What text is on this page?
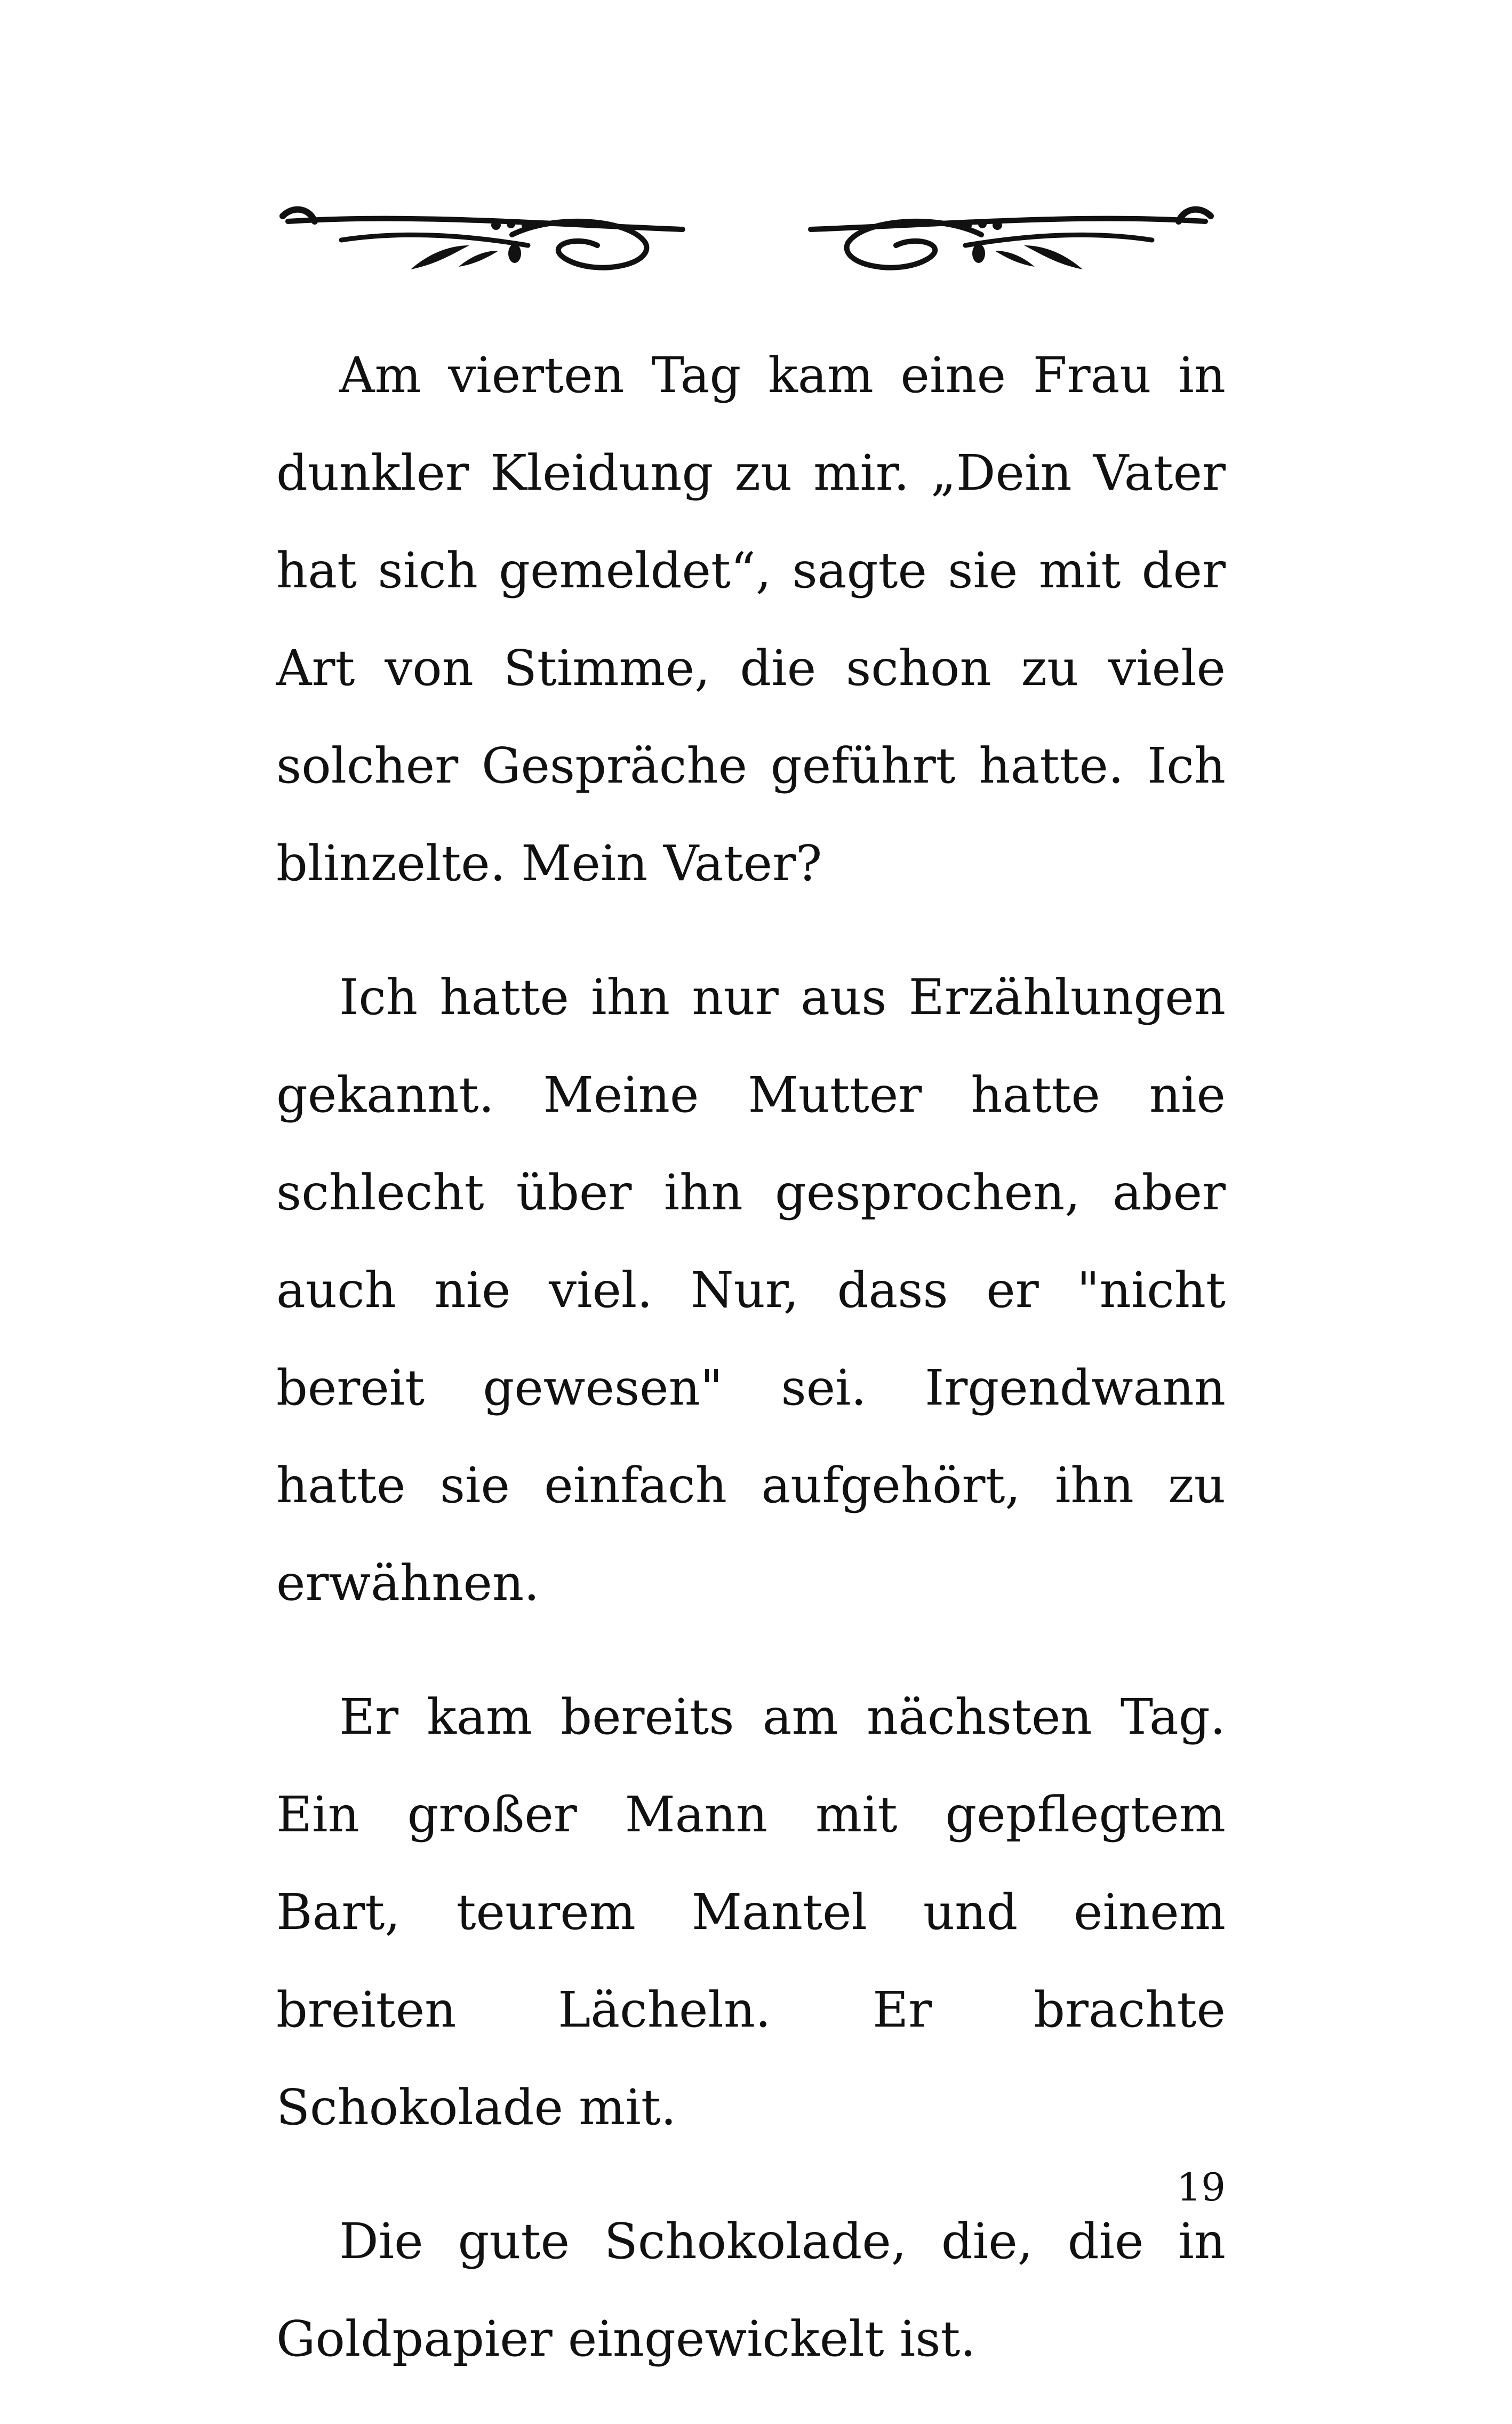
Am vierten Tag kam eine Frau in dunkler Kleidung zu mir. „Dein Vater hat sich gemeldet“, sagte sie mit der Art von Stimme, die schon zu viele solcher Gespräche geführt hatte. Ich blinzelte. Mein Vater?

Ich hatte ihn nur aus Erzählungen gekannt. Meine Mutter hatte nie schlecht über ihn gesprochen, aber auch nie viel. Nur, dass er "nicht bereit gewesen" sei. Irgendwann hatte sie einfach aufgehört, ihn zu erwähnen.

Er kam bereits am nächsten Tag. Ein großer Mann mit gepflegtem Bart, teurem Mantel und einem breiten Lächeln. Er brachte Schokolade mit.

Die gute Schokolade, die, die in Goldpapier eingewickelt ist.

19
